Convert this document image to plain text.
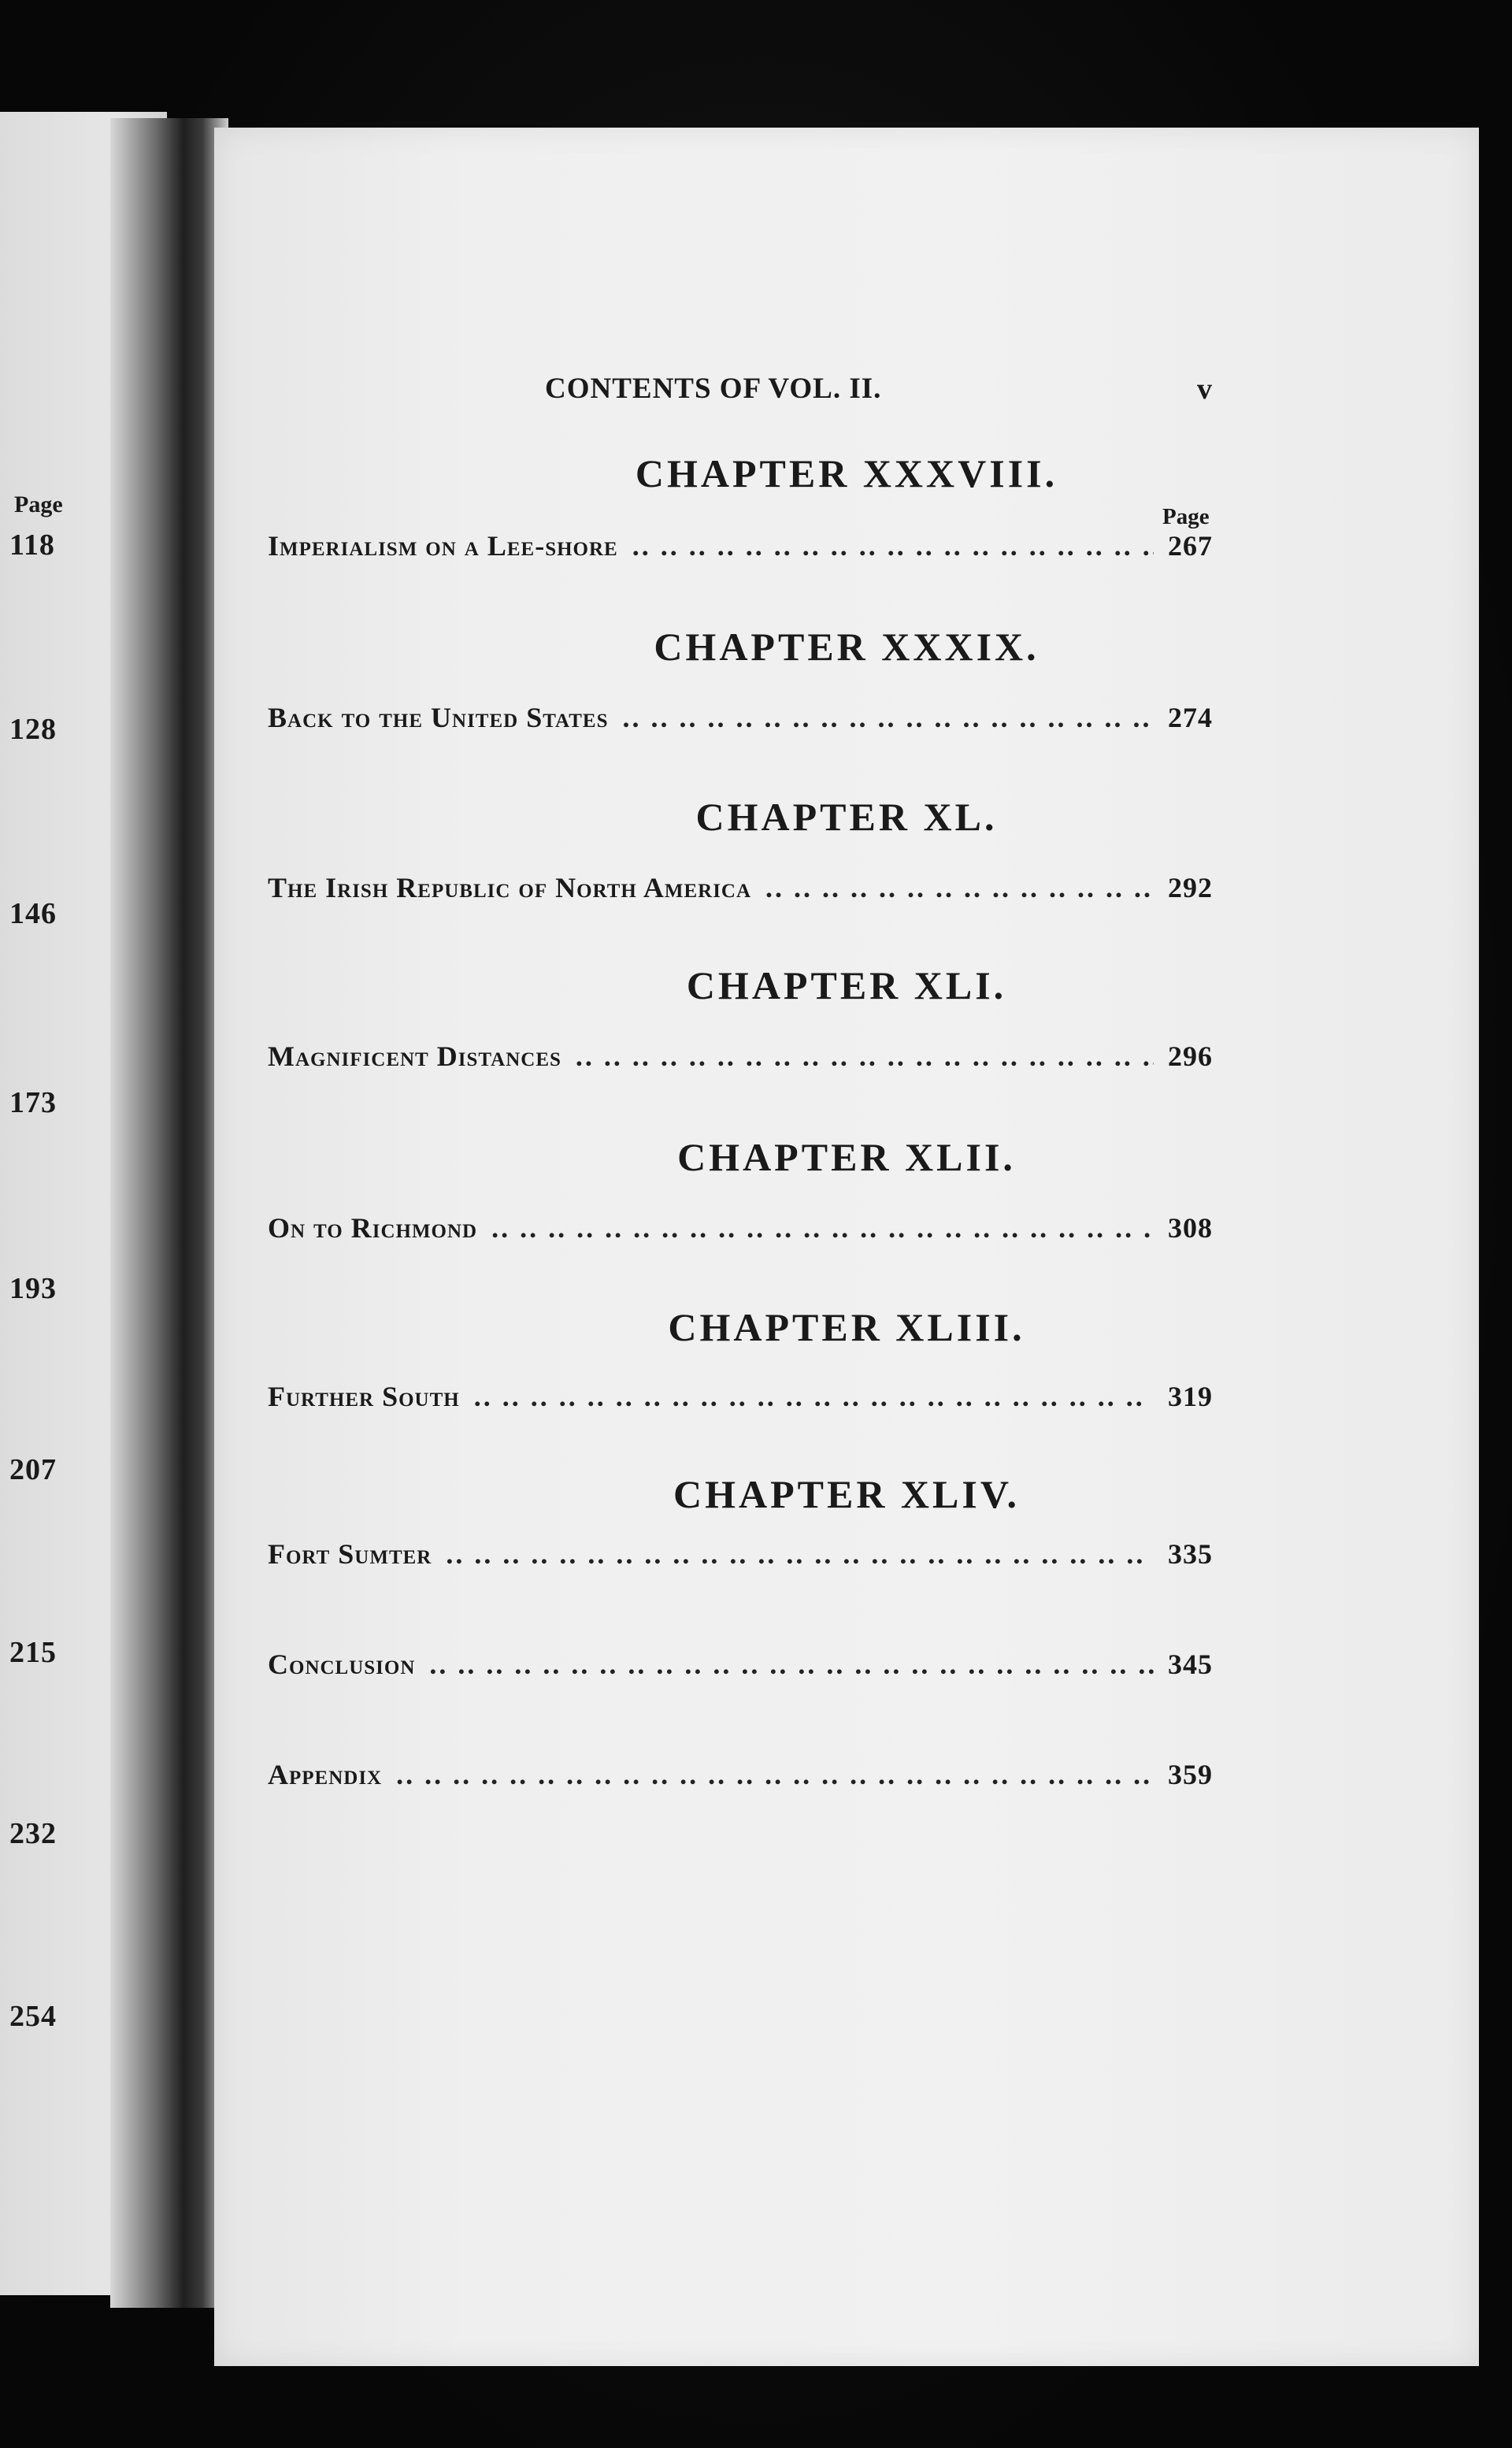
Page
118
128
146
173
193
207
215
232
254
CONTENTS OF VOL. II.	v
Page
CHAPTER XXXVIII.
Imperialism on a Lee-shore .. ..	267
CHAPTER XXXIX.
Back to the United States .. ..	274
CHAPTER XL.
The Irish Republic of North America .. ..	292
CHAPTER XLI.
Magnificent Distances .. ..	296
CHAPTER XLII.
On to Richmond .. ..	308
CHAPTER XLIII.
Further South .. ..	319
CHAPTER XLIV.
Fort Sumter .. ..	335
Conclusion .. ..	345
Appendix .. ..	359
